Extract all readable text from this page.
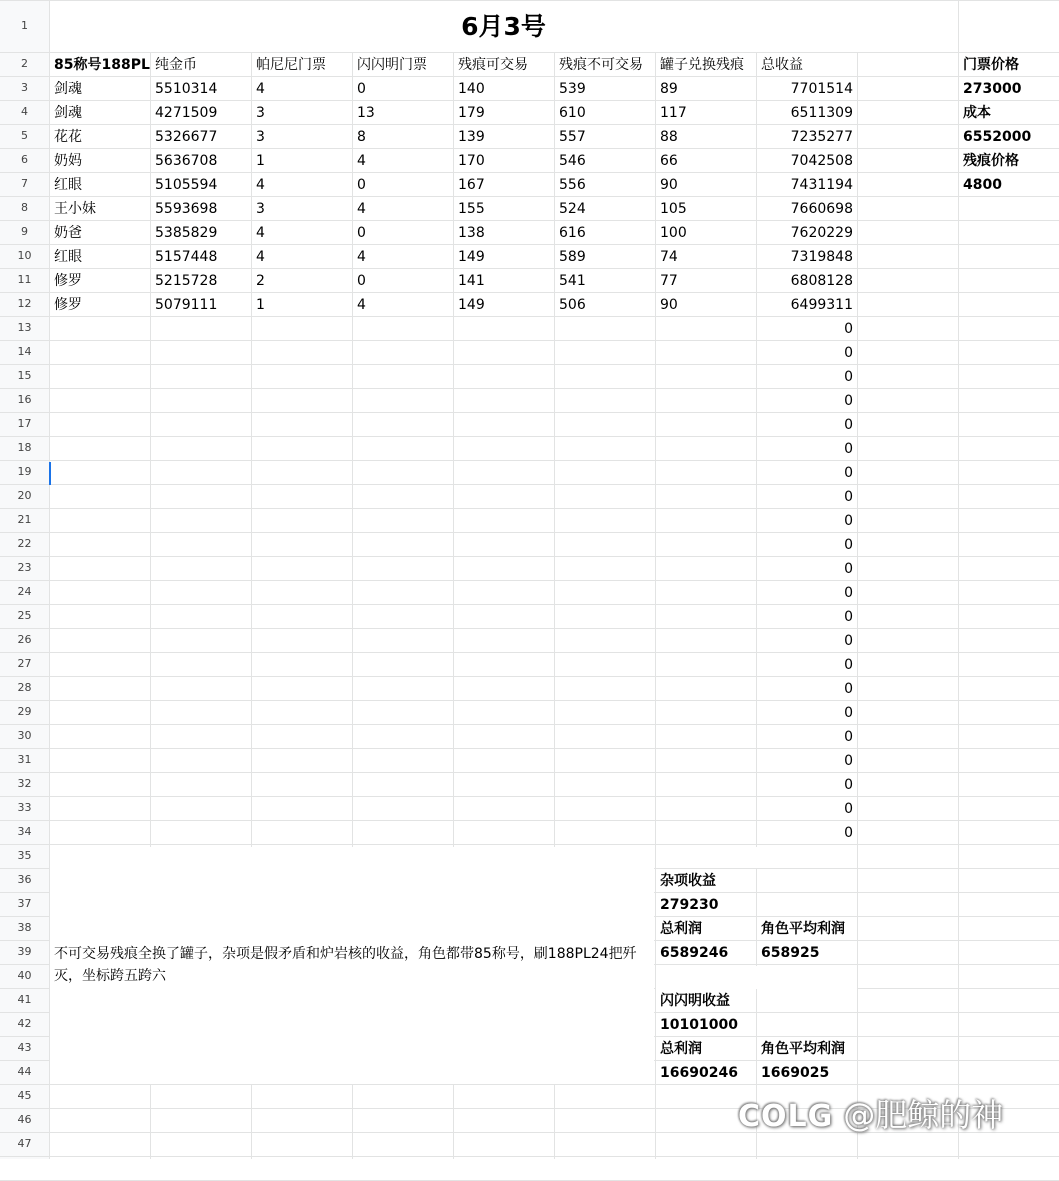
1
2
3
4
5
6
7
8
9
10
11
12
13
14
15
16
17
18
19
20
21
22
23
24
25
26
27
28
29
30
31
32
33
34
35
36
37
38
39
40
41
42
43
44
45
46
47
6月3号
不可交易残痕全换了罐子，杂项是假矛盾和炉岩核的收益，角色都带85称号，刷188PL24把歼灭，坐标跨五跨六
85称号188PL 纯金币	帕尼尼门票 闪闪明门票 残痕可交易 残痕不可交易 罐子兑换残痕 总收益
剑魂	5510314	4	0	140	539	89	7701514
剑魂	4271509	3	13	179	610	117	6511309
花花	5326677	3	8	139	557	88	7235277
奶妈	5636708	1	4	170	546	66	7042508
红眼	5105594	4	0	167	556	90	7431194
王小妹	5593698	3	4	155	524	105	7660698
奶爸	5385829	4	0	138	616	100	7620229
红眼	5157448	4	4	149	589	74	7319848
修罗	5215728	2	0	141	541	77	6808128
修罗	5079111	1	4	149	506	90	6499311
0
0
0
0
0
0
0
0
0
0
0
0
0
0
0
0
0
0
0
0
0
0
门票价格
273000
成本
6552000
残痕价格
4800
杂项收益
279230
总利润	角色平均利润
6589246 658925
闪闪明收益
10101000
总利润	角色平均利润
16690246 1669025
COLG @肥鲸的神
